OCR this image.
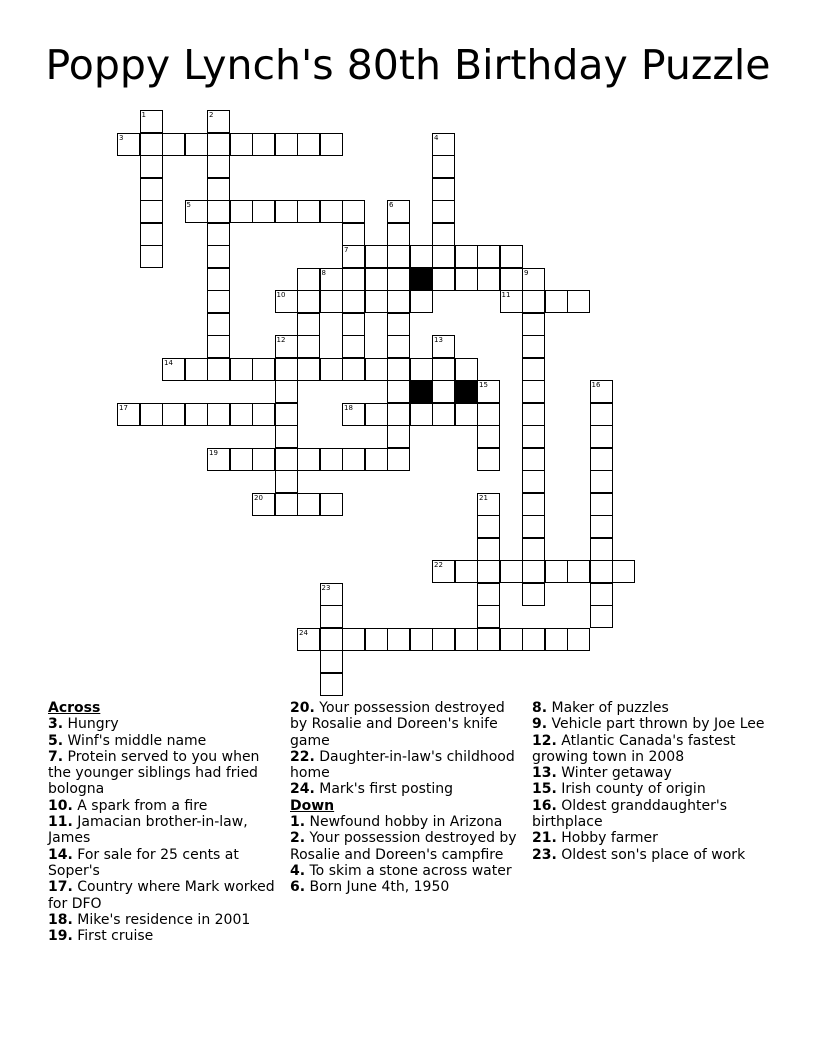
Poppy Lynch's 80th Birthday Puzzle
3
5
7
8
10	11
14
17	18
19
20
22
24
1	2
4
6
9
12	13
15	16
21
23
Across
3. Hungry
5. Winf's middle name
7. Protein served to you when the younger siblings had fried bologna
10. A spark from a fire
11. Jamacian brother-in-law, James
14. For sale for 25 cents at Soper's
17. Country where Mark worked for DFO
18. Mike's residence in 2001
19. First cruise
20. Your possession destroyed by Rosalie and Doreen's knife game
22. Daughter-in-law's childhood home
24. Mark's first posting
Down
1. Newfound hobby in Arizona
2. Your possession destroyed by Rosalie and Doreen's campfire
4. To skim a stone across water
6. Born June 4th, 1950
8. Maker of puzzles
9. Vehicle part thrown by Joe Lee
12. Atlantic Canada's fastest growing town in 2008
13. Winter getaway
15. Irish county of origin
16. Oldest granddaughter's birthplace
21. Hobby farmer
23. Oldest son's place of work
